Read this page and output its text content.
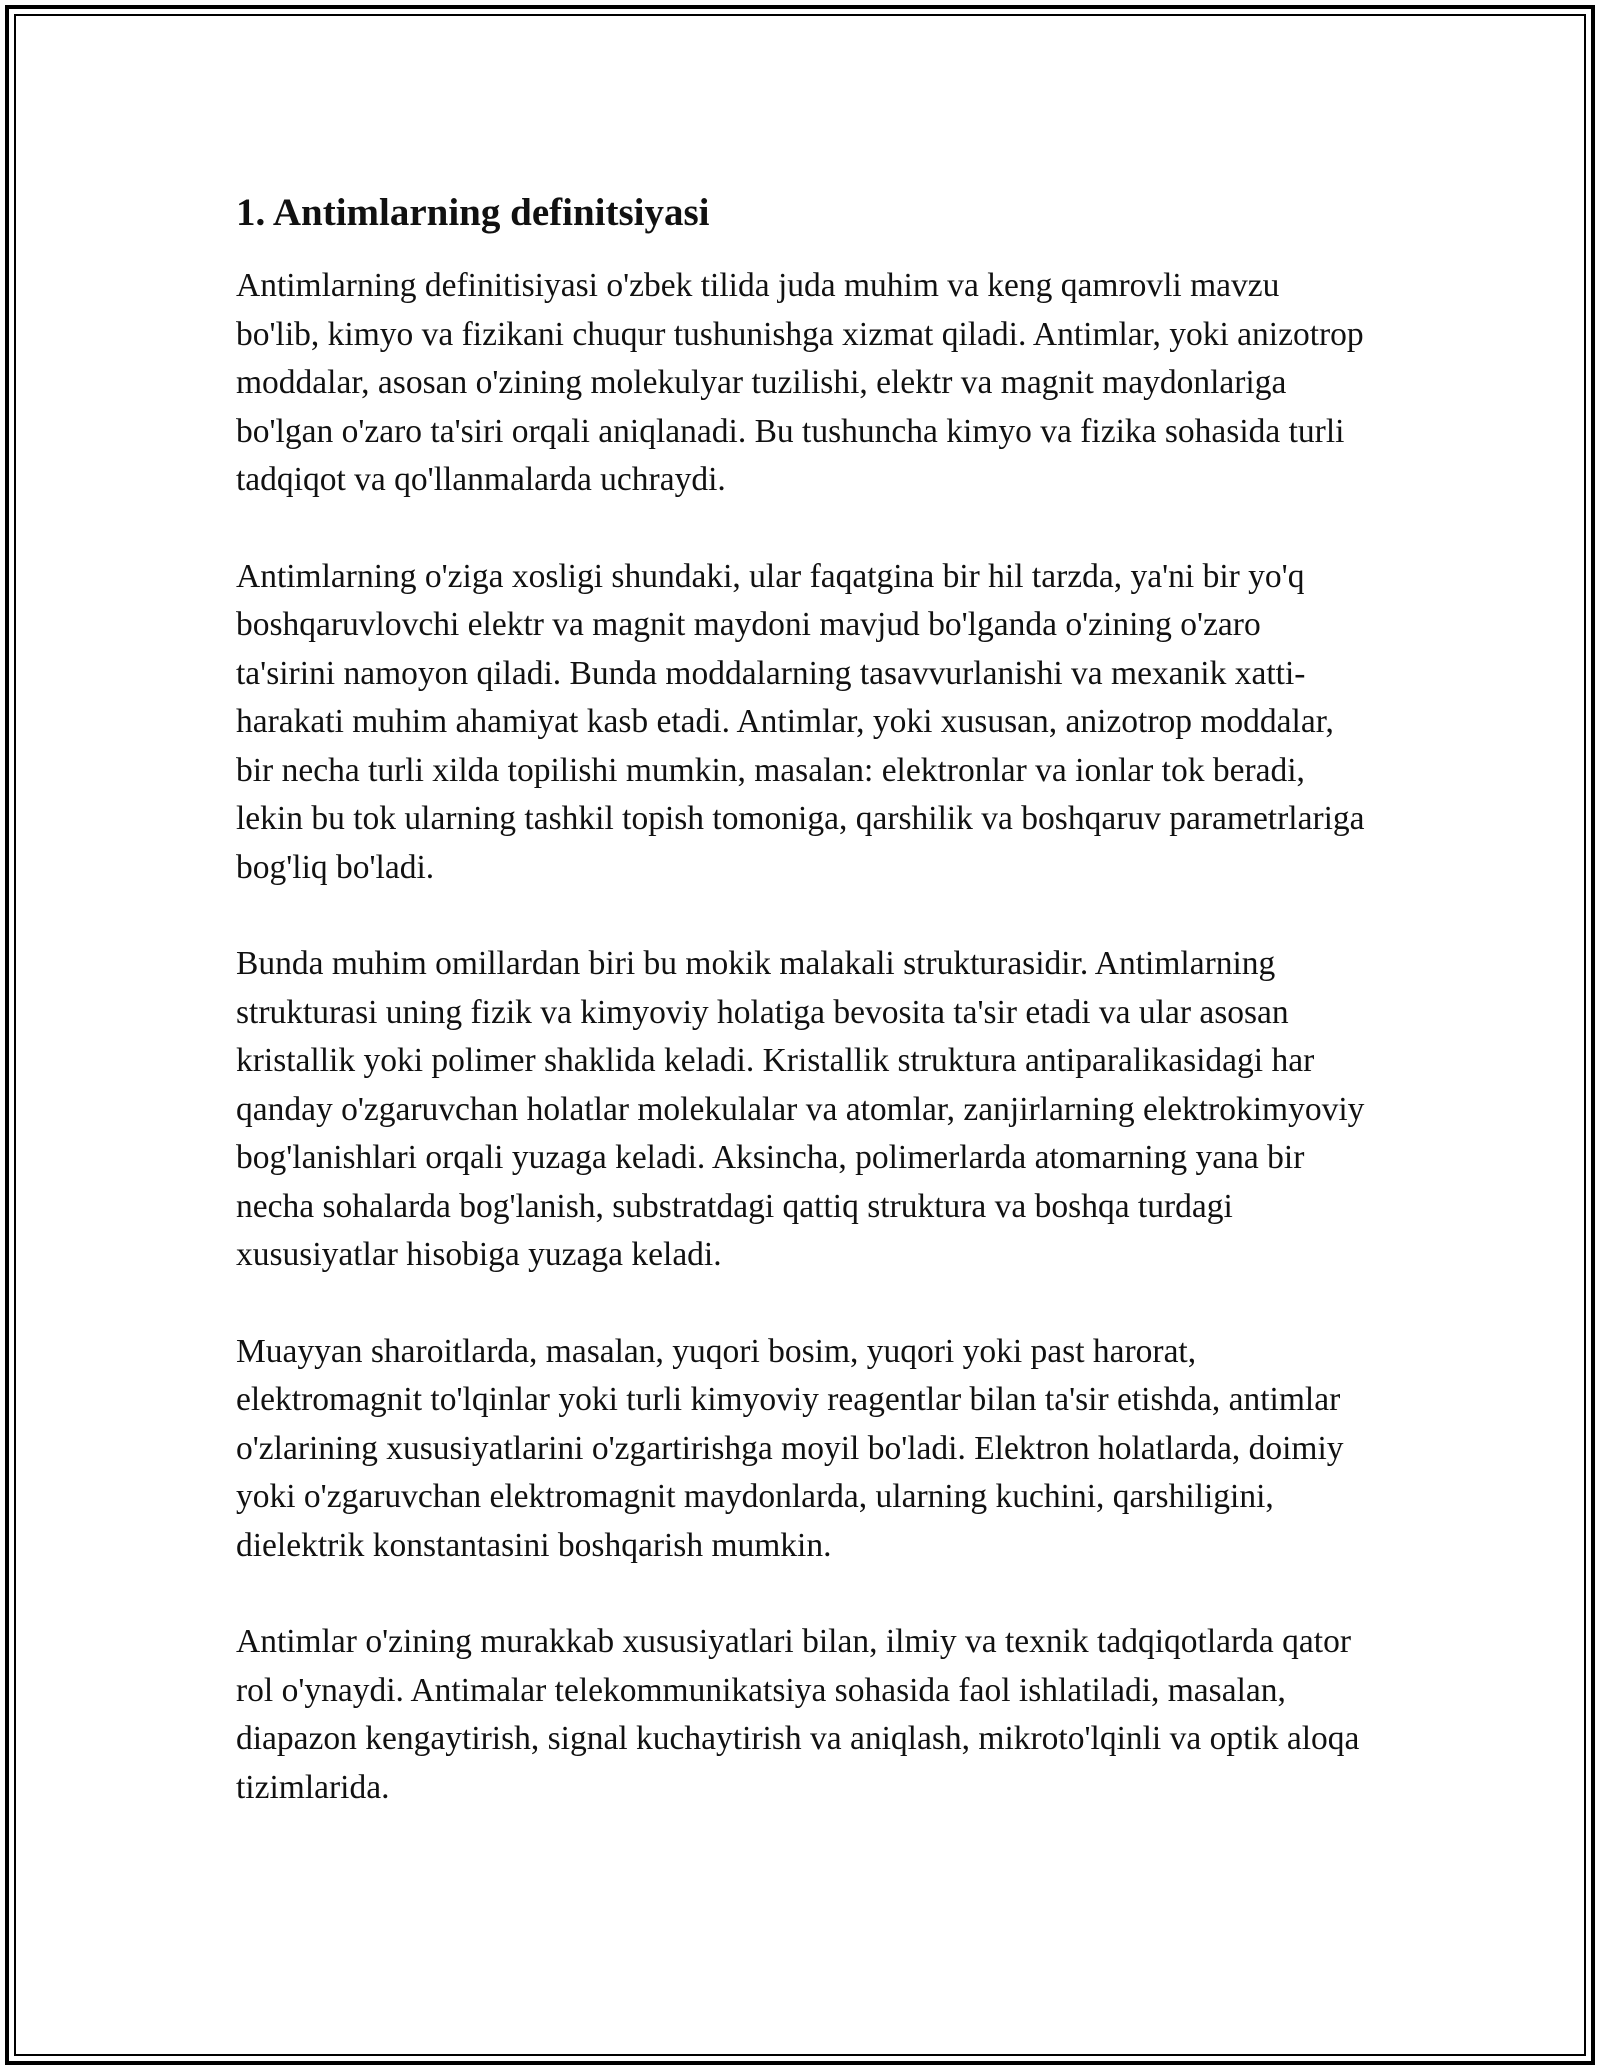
1. Antimlarning definitsiyasi

Antimlarning definitisiyasi o'zbek tilida juda muhim va keng qamrovli mavzu bo'lib, kimyo va fizikani chuqur tushunishga xizmat qiladi. Antimlar, yoki anizotrop moddalar, asosan o'zining molekulyar tuzilishi, elektr va magnit maydonlariga bo'lgan o'zaro ta'siri orqali aniqlanadi. Bu tushuncha kimyo va fizika sohasida turli tadqiqot va qo'llanmalarda uchraydi.

Antimlarning o'ziga xosligi shundaki, ular faqatgina bir hil tarzda, ya'ni bir yo'q boshqaruvlovchi elektr va magnit maydoni mavjud bo'lganda o'zining o'zaro ta'sirini namoyon qiladi. Bunda moddalarning tasavvurlanishi va mexanik xatti-harakati muhim ahamiyat kasb etadi. Antimlar, yoki xususan, anizotrop moddalar, bir necha turli xilda topilishi mumkin, masalan: elektronlar va ionlar tok beradi, lekin bu tok ularning tashkil topish tomoniga, qarshilik va boshqaruv parametrlariga bog'liq bo'ladi.

Bunda muhim omillardan biri bu mokik malakali strukturasidir. Antimlarning strukturasi uning fizik va kimyoviy holatiga bevosita ta'sir etadi va ular asosan kristallik yoki polimer shaklida keladi. Kristallik struktura antiparalikasidagi har qanday o'zgaruvchan holatlar molekulalar va atomlar, zanjirlarning elektrokimyoviy bog'lanishlari orqali yuzaga keladi. Aksincha, polimerlarda atomarning yana bir necha sohalarda bog'lanish, substratdagi qattiq struktura va boshqa turdagi xususiyatlar hisobiga yuzaga keladi.

Muayyan sharoitlarda, masalan, yuqori bosim, yuqori yoki past harorat, elektromagnit to'lqinlar yoki turli kimyoviy reagentlar bilan ta'sir etishda, antimlar o'zlarining xususiyatlarini o'zgartirishga moyil bo'ladi. Elektron holatlarda, doimiy yoki o'zgaruvchan elektromagnit maydonlarda, ularning kuchini, qarshiligini, dielektrik konstantasini boshqarish mumkin.

Antimlar o'zining murakkab xususiyatlari bilan, ilmiy va texnik tadqiqotlarda qator rol o'ynaydi. Antimalar telekommunikatsiya sohasida faol ishlatiladi, masalan, diapazon kengaytirish, signal kuchaytirish va aniqlash, mikroto'lqinli va optik aloqa tizimlarida.
